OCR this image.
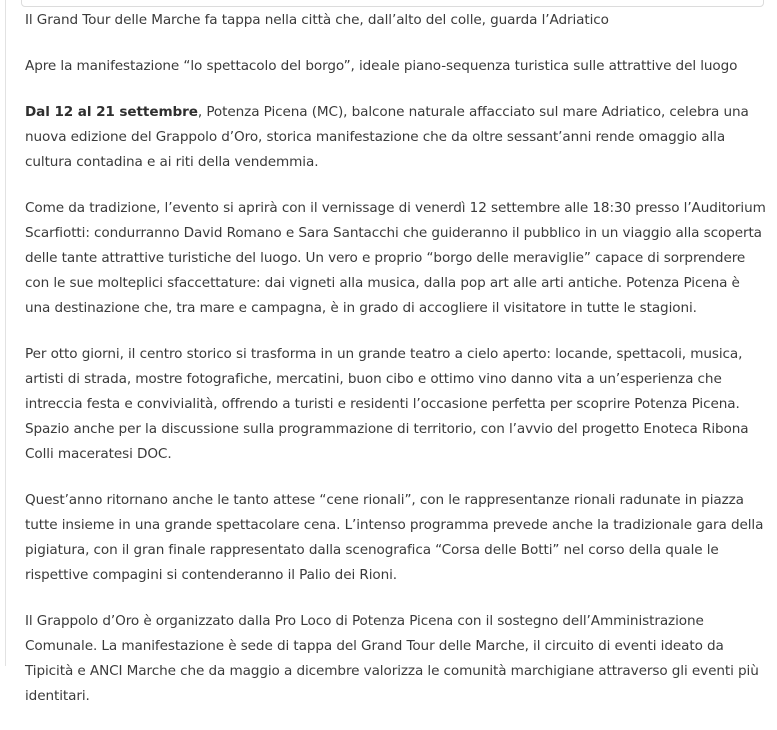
Il Grand Tour delle Marche fa tappa nella città che, dall’alto del colle, guarda l’Adriatico

Apre la manifestazione “lo spettacolo del borgo”, ideale piano-sequenza turistica sulle attrattive del luogo

Dal 12 al 21 settembre, Potenza Picena (MC), balcone naturale affacciato sul mare Adriatico, celebra una nuova edizione del Grappolo d’Oro, storica manifestazione che da oltre sessant’anni rende omaggio alla cultura contadina e ai riti della vendemmia.

Come da tradizione, l’evento si aprirà con il vernissage di venerdì 12 settembre alle 18:30 presso l’Auditorium Scarfiotti: condurranno David Romano e Sara Santacchi che guideranno il pubblico in un viaggio alla scoperta delle tante attrattive turistiche del luogo. Un vero e proprio “borgo delle meraviglie” capace di sorprendere con le sue molteplici sfaccettature: dai vigneti alla musica, dalla pop art alle arti antiche. Potenza Picena è una destinazione che, tra mare e campagna, è in grado di accogliere il visitatore in tutte le stagioni.

Per otto giorni, il centro storico si trasforma in un grande teatro a cielo aperto: locande, spettacoli, musica, artisti di strada, mostre fotografiche, mercatini, buon cibo e ottimo vino danno vita a un’esperienza che intreccia festa e convivialità, offrendo a turisti e residenti l’occasione perfetta per scoprire Potenza Picena. Spazio anche per la discussione sulla programmazione di territorio, con l’avvio del progetto Enoteca Ribona Colli maceratesi DOC.

Quest’anno ritornano anche le tanto attese “cene rionali”, con le rappresentanze rionali radunate in piazza tutte insieme in una grande spettacolare cena. L’intenso programma prevede anche la tradizionale gara della pigiatura, con il gran finale rappresentato dalla scenografica “Corsa delle Botti” nel corso della quale le rispettive compagini si contenderanno il Palio dei Rioni.

Il Grappolo d’Oro è organizzato dalla Pro Loco di Potenza Picena con il sostegno dell’Amministrazione Comunale. La manifestazione è sede di tappa del Grand Tour delle Marche, il circuito di eventi ideato da Tipicità e ANCI Marche che da maggio a dicembre valorizza le comunità marchigiane attraverso gli eventi più identitari.
